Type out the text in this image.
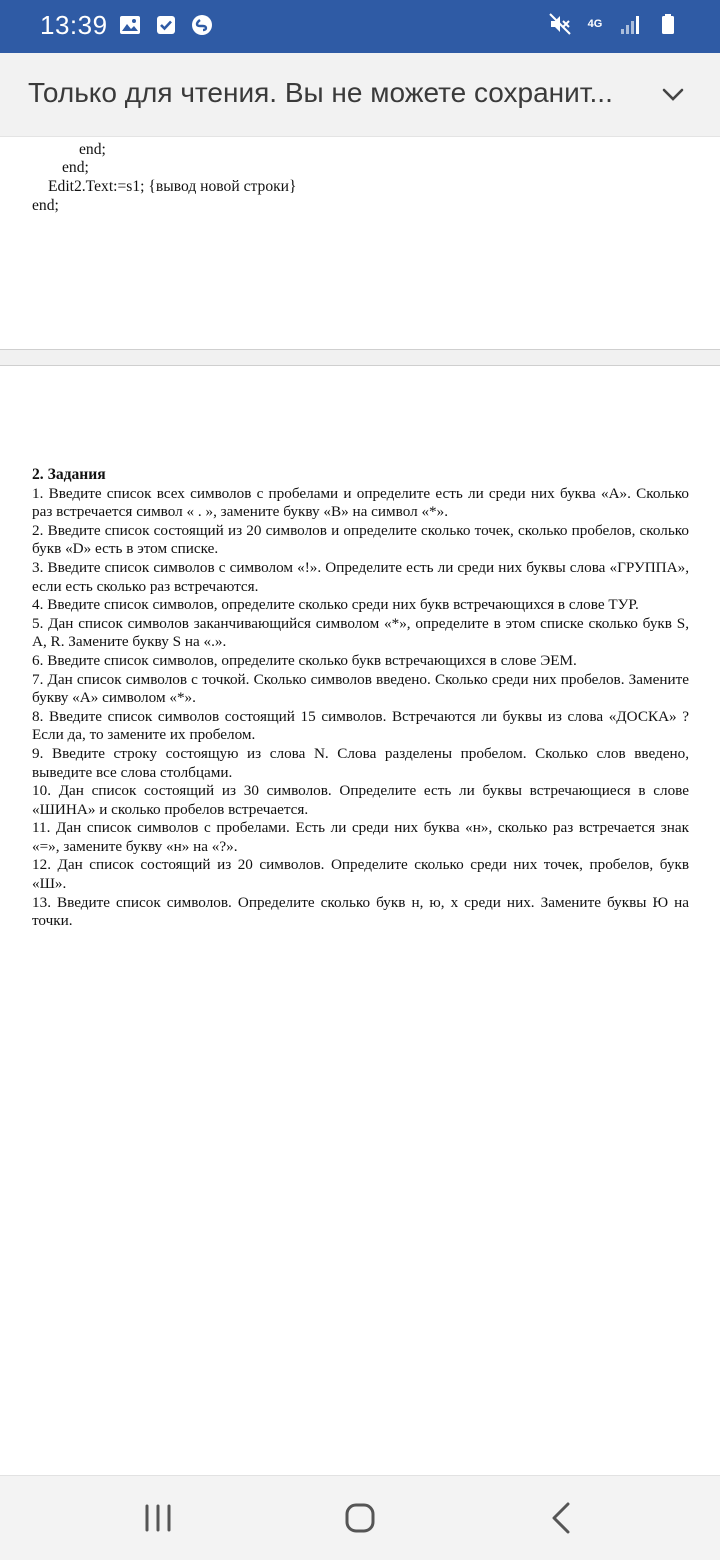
13:39	4G
Только для чтения. Вы не можете сохранит...
end;
end;
Edit2.Text:=s1; {вывод новой строки}
end;
2. Задания
1. Введите список всех символов с пробелами и определите есть ли среди них буква «А». Сколько раз встречается символ « . », замените букву «В» на символ «*».
2. Введите список состоящий из 20 символов и определите сколько точек, сколько пробелов, сколько букв «D» есть в этом списке.
3. Введите список символов с символом «!». Определите есть ли среди них буквы слова «ГРУППА», если есть сколько раз встречаются.
4. Введите список символов, определите сколько среди них букв встречающихся в слове ТУР.
5. Дан список символов заканчивающийся символом «*», определите в этом списке сколько букв S, A, R. Замените букву S на «.».
6. Введите список символов, определите сколько букв встречающихся в слове ЭЕМ.
7. Дан список символов с точкой. Сколько символов введено. Сколько среди них пробелов. Замените букву «А» символом «*».
8. Введите список символов состоящий 15 символов. Встречаются ли буквы из слова «ДОСКА» ? Если да, то замените их пробелом.
9. Введите строку состоящую из слова N. Слова разделены пробелом. Сколько слов введено, выведите все слова столбцами.
10. Дан список состоящий из 30 символов. Определите есть ли буквы встречающиеся в слове «ШИНА» и сколько пробелов встречается.
11. Дан список символов с пробелами. Есть ли среди них буква «н», сколько раз встречается знак «=», замените букву «н» на «?».
12. Дан список состоящий из 20 символов. Определите сколько среди них точек, пробелов, букв «Ш».
13. Введите список символов. Определите сколько букв н, ю, х среди них. Замените буквы Ю на точки.
